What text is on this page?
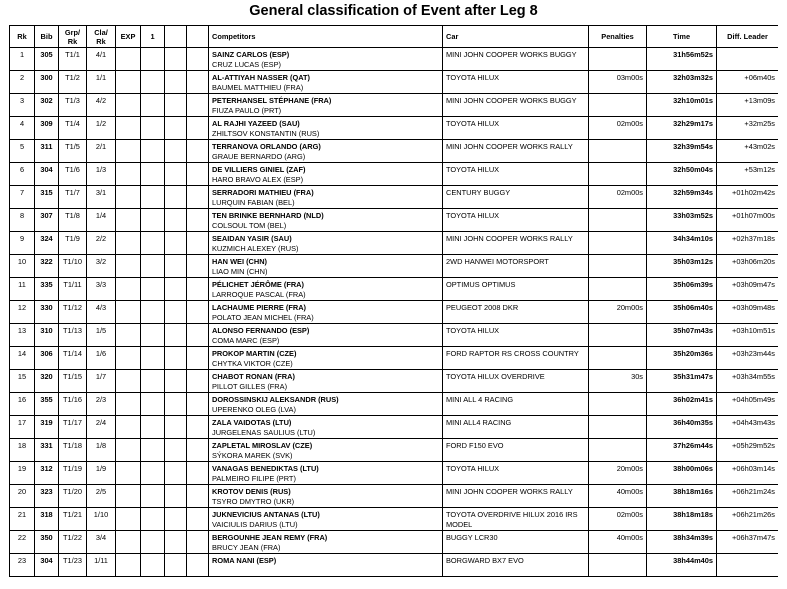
General classification of Event after Leg 8
Rk	Bib	Grp/ Rk	Cla/ Rk	EXP	1			Competitors	Car	Penalties	Time	Diff. Leader
1	305	T1/1	4/1					SAINZ CARLOS (ESP)
CRUZ LUCAS (ESP)	MINI JOHN COOPER WORKS BUGGY		31h56m52s	
2	300	T1/2	1/1					AL-ATTIYAH NASSER (QAT)
BAUMEL MATTHIEU (FRA)	TOYOTA HILUX	03m00s	32h03m32s	+06m40s
3	302	T1/3	4/2					PETERHANSEL STÉPHANE (FRA)
FIUZA PAULO (PRT)	MINI JOHN COOPER WORKS BUGGY		32h10m01s	+13m09s
4	309	T1/4	1/2					AL RAJHI YAZEED (SAU)
ZHILTSOV KONSTANTIN (RUS)	TOYOTA HILUX	02m00s	32h29m17s	+32m25s
5	311	T1/5	2/1					TERRANOVA ORLANDO (ARG)
GRAUE BERNARDO (ARG)	MINI JOHN COOPER WORKS RALLY		32h39m54s	+43m02s
6	304	T1/6	1/3					DE VILLIERS GINIEL (ZAF)
HARO BRAVO ALEX (ESP)	TOYOTA HILUX		32h50m04s	+53m12s
7	315	T1/7	3/1					SERRADORI MATHIEU (FRA)
LURQUIN FABIAN (BEL)	CENTURY BUGGY	02m00s	32h59m34s	+01h02m42s
8	307	T1/8	1/4					TEN BRINKE BERNHARD (NLD)
COLSOUL TOM (BEL)	TOYOTA HILUX		33h03m52s	+01h07m00s
9	324	T1/9	2/2					SEAIDAN YASIR (SAU)
KUZMICH ALEXEY (RUS)	MINI JOHN COOPER WORKS RALLY		34h34m10s	+02h37m18s
10	322	T1/10	3/2					HAN WEI (CHN)
LIAO MIN (CHN)	2WD HANWEI MOTORSPORT		35h03m12s	+03h06m20s
11	335	T1/11	3/3					PÉLICHET JÉRÔME (FRA)
LARROQUE PASCAL (FRA)	OPTIMUS OPTIMUS		35h06m39s	+03h09m47s
12	330	T1/12	4/3					LACHAUME PIERRE (FRA)
POLATO JEAN MICHEL (FRA)	PEUGEOT 2008 DKR	20m00s	35h06m40s	+03h09m48s
13	310	T1/13	1/5					ALONSO FERNANDO (ESP)
COMA MARC (ESP)	TOYOTA HILUX		35h07m43s	+03h10m51s
14	306	T1/14	1/6					PROKOP MARTIN (CZE)
CHYTKA VIKTOR (CZE)	FORD RAPTOR RS CROSS COUNTRY		35h20m36s	+03h23m44s
15	320	T1/15	1/7					CHABOT RONAN (FRA)
PILLOT GILLES (FRA)	TOYOTA HILUX OVERDRIVE	30s	35h31m47s	+03h34m55s
16	355	T1/16	2/3					DOROSSINSKIJ ALEKSANDR (RUS)
UPERENKO OLEG (LVA)	MINI ALL 4 RACING		36h02m41s	+04h05m49s
17	319	T1/17	2/4					ZALA VAIDOTAS (LTU)
JURGELENAS SAULIUS (LTU)	MINI ALL4 RACING		36h40m35s	+04h43m43s
18	331	T1/18	1/8					ZAPLETAL MIROSLAV (CZE)
SÝKORA MAREK (SVK)	FORD F150 EVO		37h26m44s	+05h29m52s
19	312	T1/19	1/9					VANAGAS BENEDIKTAS (LTU)
PALMEIRO FILIPE (PRT)	TOYOTA HILUX	20m00s	38h00m06s	+06h03m14s
20	323	T1/20	2/5					KROTOV DENIS (RUS)
TSYRO DMYTRO (UKR)	MINI JOHN COOPER WORKS RALLY	40m00s	38h18m16s	+06h21m24s
21	318	T1/21	1/10					JUKNEVICIUS ANTANAS (LTU)
VAICIULIS DARIUS (LTU)	TOYOTA OVERDRIVE HILUX 2016 IRS MODEL	02m00s	38h18m18s	+06h21m26s
22	350	T1/22	3/4					BERGOUNHE JEAN REMY (FRA)
BRUCY JEAN (FRA)	BUGGY LCR30	40m00s	38h34m39s	+06h37m47s
23	304	T1/23	1/11					ROMA NANI (ESP)	BORGWARD BX7 EVO		38h44m40s	
